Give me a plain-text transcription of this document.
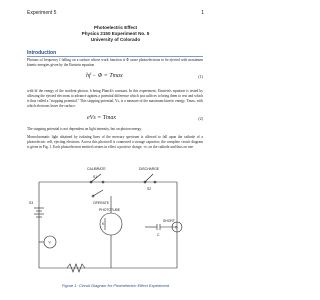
Experiment 5	1
Photoelectric Effect
Physics 2150 Experiment No. 5
University of Colorado
Introduction
Photons of frequency f falling on a surface whose work function is Φ cause photoelectrons to be ejected with maximum kinetic energies given by the Einstein equation
hf − Φ = Tmax	(1)
with hf the energy of the incident photon, h being Planck's constant. In this experiment, Einstein's equation is tested by allowing the ejected electrons to advance against a potential difference which just suffices to bring them to rest and which is thus called a "stopping potential." This stopping potential, Vs, is a measure of the maximum kinetic energy, Tmax, with which electrons leave the surface:
eVs = Tmax	(2)
The stopping potential is not dependent on light intensity, but on photon energy.
Monochromatic light obtained by isolating lines of the mercury spectrum is allowed to fall upon the cathode of a photoelectric cell, ejecting electrons. Across this photocell is connected a storage capacitor; the complete circuit diagram is given in Fig. 1. Each photoelectron emitted creates in effect a positive charge, +e, on the cathode and thus on one
CALIBRATE	DISCHARGE
S1
S2
S3	OPERATE
PHOTOTUBE
SHORT
G
V
C
K
Figure 1: Circuit Diagram for Photoelectric Effect Experiment
